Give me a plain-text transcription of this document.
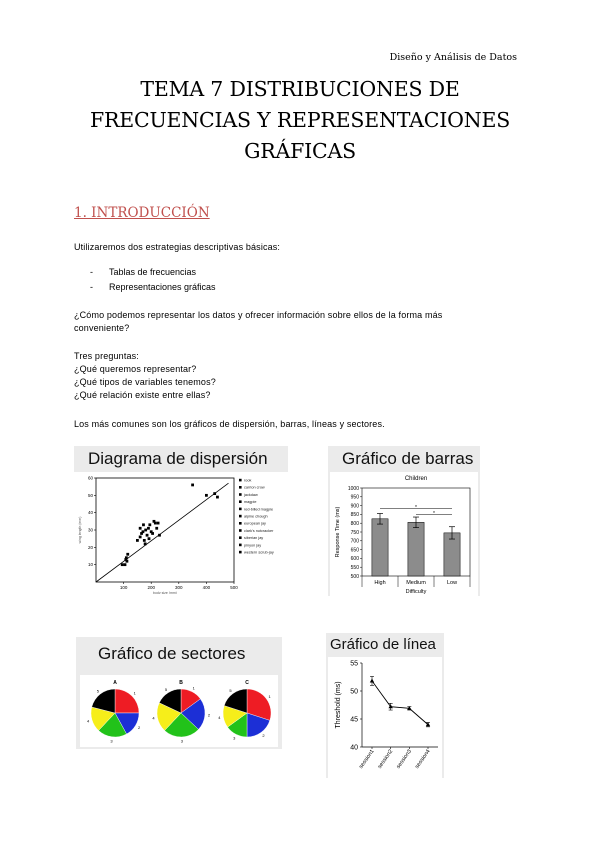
Diseño y Análisis de Datos
TEMA 7 DISTRIBUCIONES DE
FRECUENCIAS Y REPRESENTACIONES
GRÁFICAS
1. INTRODUCCIÓN
Utilizaremos dos estrategias descriptivas básicas:
- Tablas de frecuencias
- Representaciones gráficas
¿Cómo podemos representar los datos y ofrecer información sobre ellos de la forma más
conveniente?
Tres preguntas:
¿Qué queremos representar?
¿Qué tipos de variables tenemos?
¿Qué relación existe entre ellas?
Los más comunes son los gráficos de dispersión, barras, líneas y sectores.
Diagrama de dispersión
100	200	300	400	500
10
20
30
40
50
60
body size (mm)
wing length (mm)
rook
carrion crow
jackdaw
magpie
red-billed magpie
alpine chough
european jay
clark's nutcracker
siberian jay
pinyon jay
western scrub-jay
Gráfico de barras
Children
500
550
600
650
700
750
800
850
900
950
1000
Response Time (ms)
High	Medium	Low
Difficulty
*
*
Gráfico de sectores
A
1
2
3
4
5
B
1
2
3
4
5
C
1
2
3
4
5
Gráfico de línea
40
45
50
55
Threshold (ms)
session1 session2 session3 session4
